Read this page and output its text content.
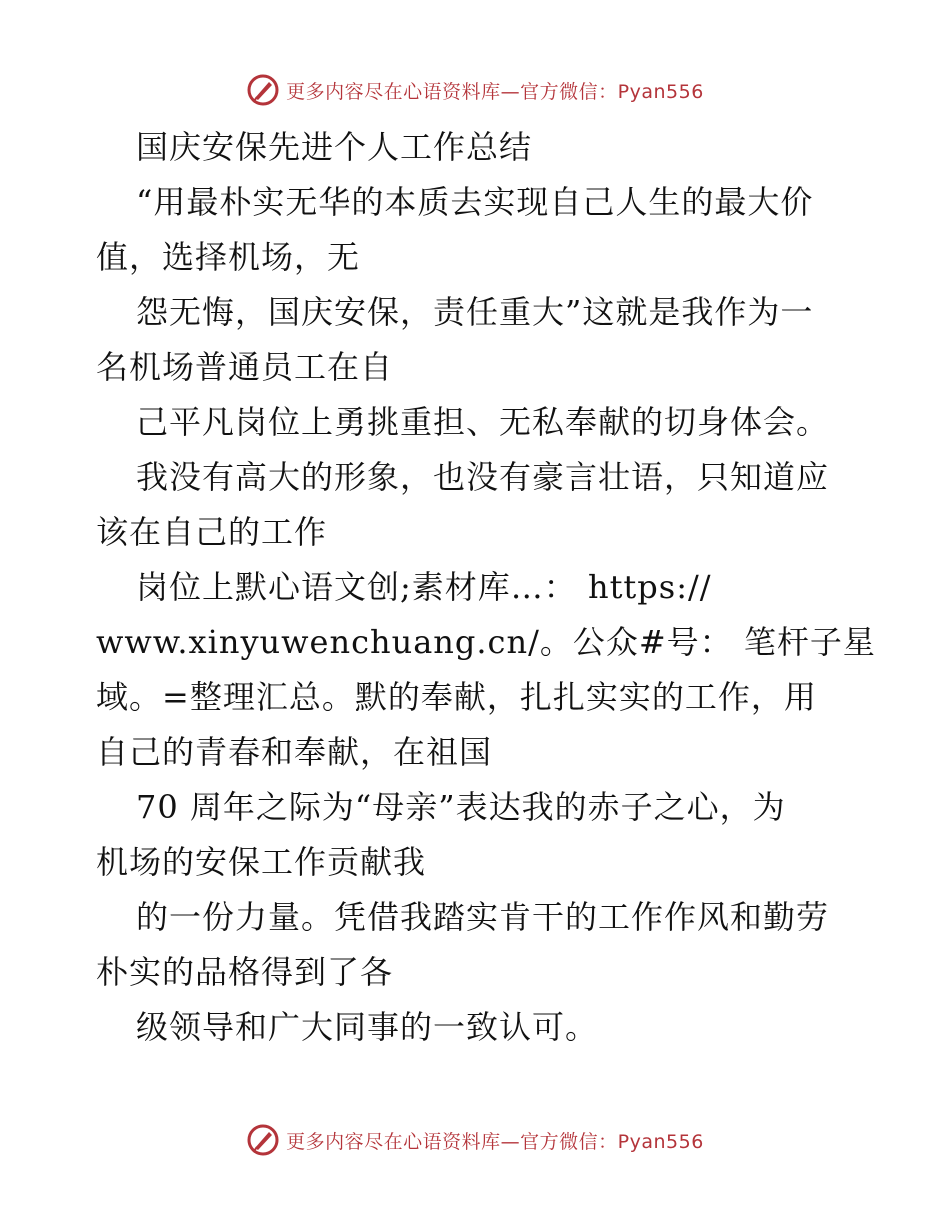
更多内容尽在心语资料库—官方微信：Pyan556
国庆安保先进个人工作总结
“用最朴实无华的本质去实现自己人生的最大价
值，选择机场，无
怨无悔，国庆安保，责任重大”这就是我作为一
名机场普通员工在自
己平凡岗位上勇挑重担、无私奉献的切身体会。
我没有高大的形象，也没有豪言壮语，只知道应
该在自己的工作
岗位上默心语文创;素材库…： https://
www.xinyuwenchuang.cn/。公众#号： 笔杆子星
域。=整理汇总。默的奉献，扎扎实实的工作，用
自己的青春和奉献，在祖国
70 周年之际为“母亲”表达我的赤子之心，为
机场的安保工作贡献我
的一份力量。凭借我踏实肯干的工作作风和勤劳
朴实的品格得到了各
级领导和广大同事的一致认可。
更多内容尽在心语资料库—官方微信：Pyan556
